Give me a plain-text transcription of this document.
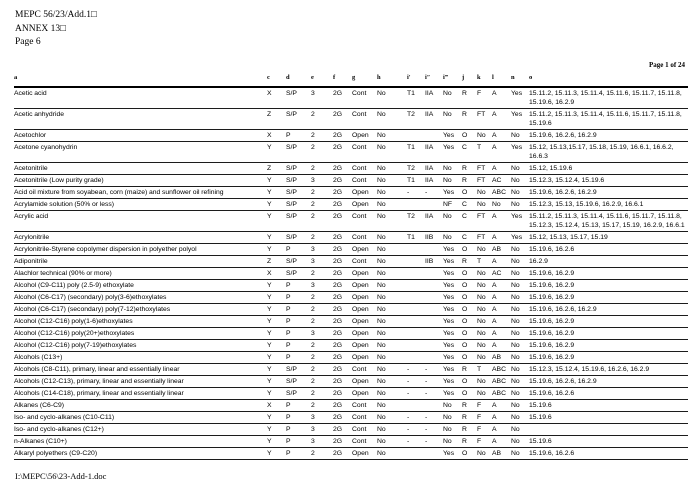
MEPC 56/23/Add.1□
ANNEX 13□
Page 6
Page 1 of 24
a	c	d	e	f	g	h	i′	i″	i‴	j	k	l	n	o
Acetic acid	X	S/P	3	2G	Cont	No	T1	IIA	No	R	F	A	Yes	15.11.2, 15.11.3, 15.11.4, 15.11.6, 15.11.7, 15.11.8, 15.19.6, 16.2.9
Acetic anhydride	Z	S/P	2	2G	Cont	No	T2	IIA	No	R	FT	A	Yes	15.11.2, 15.11.3, 15.11.4, 15.11.6, 15.11.7, 15.11.8, 15.19.6
Acetochlor	X	P	2	2G	Open	No			Yes	O	No	A	No	15.19.6, 16.2.6, 16.2.9
Acetone cyanohydrin	Y	S/P	2	2G	Cont	No	T1	IIA	Yes	C	T	A	Yes	15.12, 15.13,15.17, 15.18, 15.19, 16.6.1, 16.6.2, 16.6.3
Acetonitrile	Z	S/P	2	2G	Cont	No	T2	IIA	No	R	FT	A	No	15.12, 15.19.6
Acetonitrile (Low purity grade)	Y	S/P	3	2G	Cont	No	T1	IIA	No	R	FT	AC	No	15.12.3, 15.12.4, 15.19.6
Acid oil mixture from soyabean, corn (maize) and sunflower oil refining	Y	S/P	2	2G	Open	No	-	-	Yes	O	No	ABC	No	15.19.6, 16.2.6, 16.2.9
Acrylamide solution (50% or less)	Y	S/P	2	2G	Open	No			NF	C	No	No	No	15.12.3, 15.13, 15.19.6, 16.2.9, 16.6.1
Acrylic acid	Y	S/P	2	2G	Cont	No	T2	IIA	No	C	FT	A	Yes	15.11.2, 15.11.3, 15.11.4, 15.11.6, 15.11.7, 15.11.8, 15.12.3, 15.12.4, 15.13, 15.17, 15.19, 16.2.9, 16.6.1
Acrylonitrile	Y	S/P	2	2G	Cont	No	T1	IIB	No	C	FT	A	Yes	15.12, 15.13, 15.17, 15.19
Acrylonitrile-Styrene copolymer dispersion in polyether polyol	Y	P	3	2G	Open	No			Yes	O	No	AB	No	15.19.6, 16.2.6
Adiponitrile	Z	S/P	3	2G	Cont	No		IIB	Yes	R	T	A	No	16.2.9
Alachlor technical (90% or more)	X	S/P	2	2G	Open	No			Yes	O	No	AC	No	15.19.6, 16.2.9
Alcohol (C9-C11) poly (2.5-9) ethoxylate	Y	P	3	2G	Open	No			Yes	O	No	A	No	15.19.6, 16.2.9
Alcohol (C6-C17) (secondary) poly(3-6)ethoxylates	Y	P	2	2G	Open	No			Yes	O	No	A	No	15.19.6, 16.2.9
Alcohol (C6-C17) (secondary) poly(7-12)ethoxylates	Y	P	2	2G	Open	No			Yes	O	No	A	No	15.19.6, 16.2.6, 16.2.9
Alcohol (C12-C16) poly(1-6)ethoxylates	Y	P	2	2G	Open	No			Yes	O	No	A	No	15.19.6, 16.2.9
Alcohol (C12-C16) poly(20+)ethoxylates	Y	P	3	2G	Open	No			Yes	O	No	A	No	15.19.6, 16.2.9
Alcohol (C12-C16) poly(7-19)ethoxylates	Y	P	2	2G	Open	No			Yes	O	No	A	No	15.19.6, 16.2.9
Alcohols (C13+)	Y	P	2	2G	Open	No			Yes	O	No	AB	No	15.19.6, 16.2.9
Alcohols (C8-C11), primary, linear and essentially linear	Y	S/P	2	2G	Cont	No	-	-	Yes	R	T	ABC	No	15.12.3, 15.12.4, 15.19.6, 16.2.6, 16.2.9
Alcohols (C12-C13), primary, linear and essentially linear	Y	S/P	2	2G	Open	No	-	-	Yes	O	No	ABC	No	15.19.6, 16.2.6, 16.2.9
Alcohols (C14-C18), primary, linear and essentially linear	Y	S/P	2	2G	Open	No	-	-	Yes	O	No	ABC	No	15.19.6, 16.2.6
Alkanes (C6-C9)	X	P	2	2G	Cont	No			No	R	F	A	No	15.19.6
Iso- and cyclo-alkanes (C10-C11)	Y	P	3	2G	Cont	No	-	-	No	R	F	A	No	15.19.6
Iso- and cyclo-alkanes (C12+)	Y	P	3	2G	Cont	No	-	-	No	R	F	A	No	
n-Alkanes (C10+)	Y	P	3	2G	Cont	No	-	-	No	R	F	A	No	15.19.6
Alkaryl polyethers (C9-C20)	Y	P	2	2G	Open	No			Yes	O	No	AB	No	15.19.6, 16.2.6
I:\MEPC\56\23-Add-1.doc
